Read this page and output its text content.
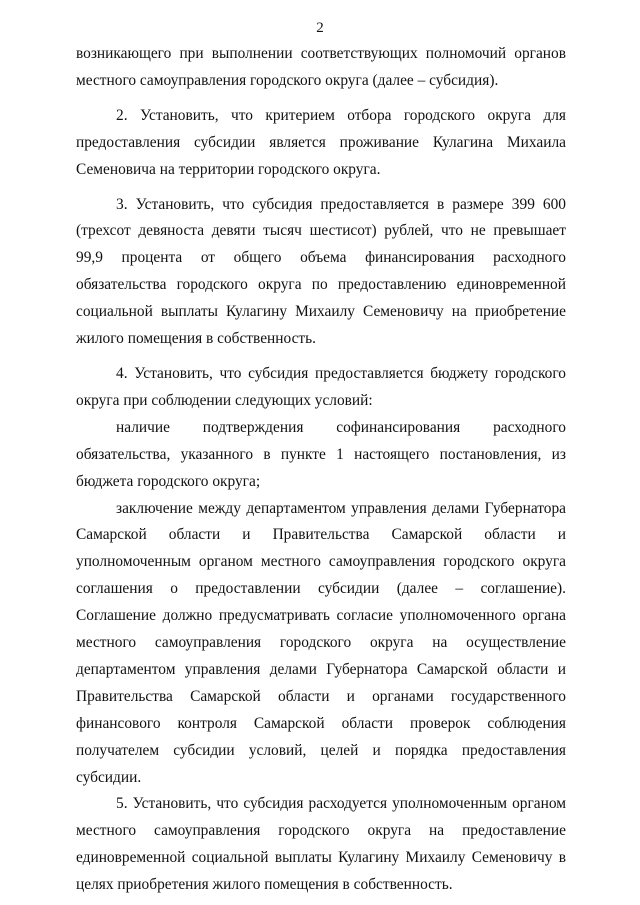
2

возникающего при выполнении соответствующих полномочий органов местного самоуправления городского округа (далее – субсидия).

2. Установить, что критерием отбора городского округа для предоставления субсидии является проживание Кулагина Михаила Семеновича на территории городского округа.

3. Установить, что субсидия предоставляется в размере 399 600 (трехсот девяноста девяти тысяч шестисот) рублей, что не превышает 99,9 процента от общего объема финансирования расходного обязательства городского округа по предоставлению единовременной социальной выплаты Кулагину Михаилу Семеновичу на приобретение жилого помещения в собственность.

4. Установить, что субсидия предоставляется бюджету городского округа при соблюдении следующих условий:

наличие подтверждения софинансирования расходного обязательства, указанного в пункте 1 настоящего постановления, из бюджета городского округа;

заключение между департаментом управления делами Губернатора Самарской области и Правительства Самарской области и уполномоченным органом местного самоуправления городского округа соглашения о предоставлении субсидии (далее – соглашение). Соглашение должно предусматривать согласие уполномоченного органа местного самоуправления городского округа на осуществление департаментом управления делами Губернатора Самарской области и Правительства Самарской области и органами государственного финансового контроля Самарской области проверок соблюдения получателем субсидии условий, целей и порядка предоставления субсидии.

5. Установить, что субсидия расходуется уполномоченным органом местного самоуправления городского округа на предоставление единовременной социальной выплаты Кулагину Михаилу Семеновичу в целях приобретения жилого помещения в собственность.
